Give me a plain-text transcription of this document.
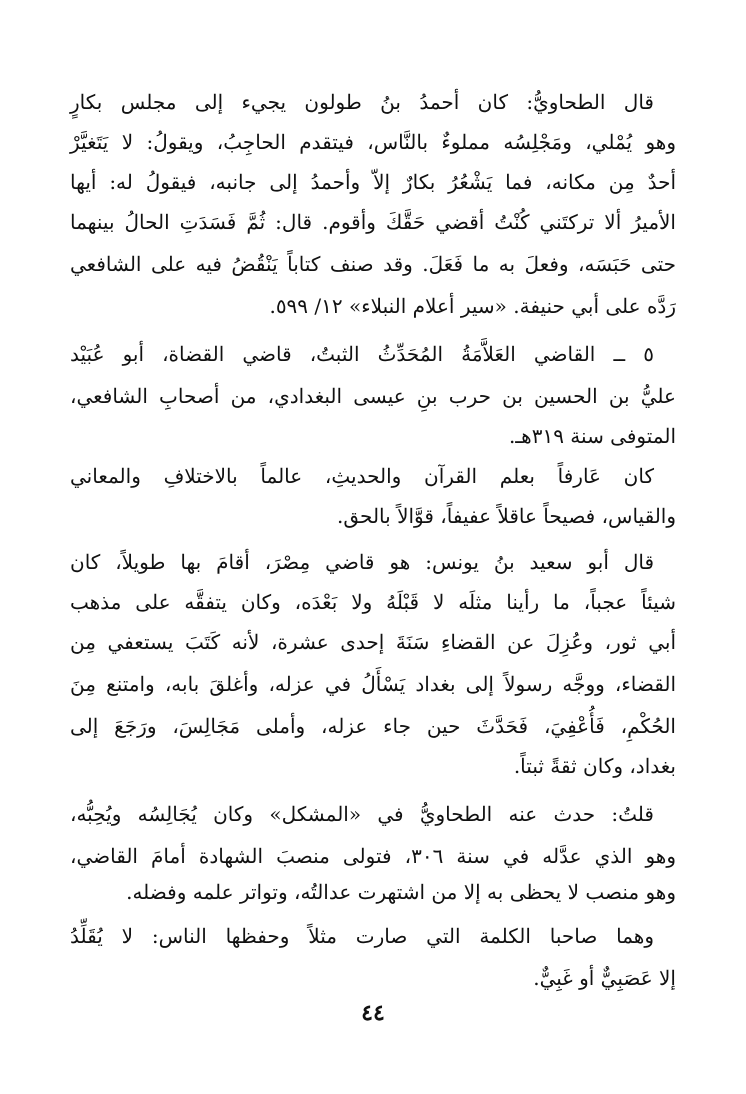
قال الطحاويُّ: كان أحمدُ بنُ طولون يجيء إلى مجلس بكارٍ
وهو يُمْلي، ومَجْلِسُه مملوءٌ بالنَّاس، فيتقدم الحاجِبُ، ويقولُ: لا يَتَغيَّرْ
أحدٌ مِن مكانه، فما يَشْعُرُ بكارٌ إلاّ وأحمدُ إلى جانبه، فيقولُ له: أيها
الأميرُ ألا تركتَني كُنْتُ أقضي حَقَّكَ وأقوم. قال: ثُمَّ فَسَدَتِ الحالُ بينهما
حتى حَبَسَه، وفعلَ به ما فَعَلَ. وقد صنف كتاباً يَنْقُضُ فيه على الشافعي
رَدَّه على أبي حنيفة. «سير أعلام النبلاء» ١٢/ ٥٩٩.
٥ ــ القاضي العَلاَّمَةُ المُحَدِّثُ الثبتُ، قاضي القضاة، أبو عُبَيْد
عليُّ بن الحسين بن حرب بنِ عيسى البغدادي، من أصحابِ الشافعي،
المتوفى سنة ٣١٩هـ.
كان عَارفاً بعلم القرآن والحديثِ، عالماً بالاختلافِ والمعاني
والقياس، فصيحاً عاقلاً عفيفاً، قوَّالاً بالحق.
قال أبو سعيد بنُ يونس: هو قاضي مِصْرَ، أقامَ بها طويلاً، كان
شيئاً عجباً، ما رأينا مثلَه لا قَبْلَهُ ولا بَعْدَه، وكان يتفقَّه على مذهب
أبي ثور، وعُزِلَ عن القضاءِ سَنَةَ إحدى عشرة، لأنه كَتَبَ يستعفي مِن
القضاء، ووجَّه رسولاً إلى بغداد يَسْأَلُ في عزله، وأغلقَ بابه، وامتنع مِنَ
الحُكْمِ، فَأُعْفِيَ، فَحَدَّثَ حين جاء عزله، وأملى مَجَالِسَ، ورَجَعَ إلى
بغداد، وكان ثقةً ثبتاً.
قلتُ: حدث عنه الطحاويُّ في «المشكل» وكان يُجَالِسُه ويُحِبُّه،
وهو الذي عدَّله في سنة ٣٠٦، فتولى منصبَ الشهادة أمامَ القاضي،
وهو منصب لا يحظى به إلا من اشتهرت عدالتُه، وتواتر علمه وفضله.
وهما صاحبا الكلمة التي صارت مثلاً وحفظها الناس: لا يُقَلِّدُ
إلا عَصَبِيٌّ أو غَبِيٌّ.
٤٤
